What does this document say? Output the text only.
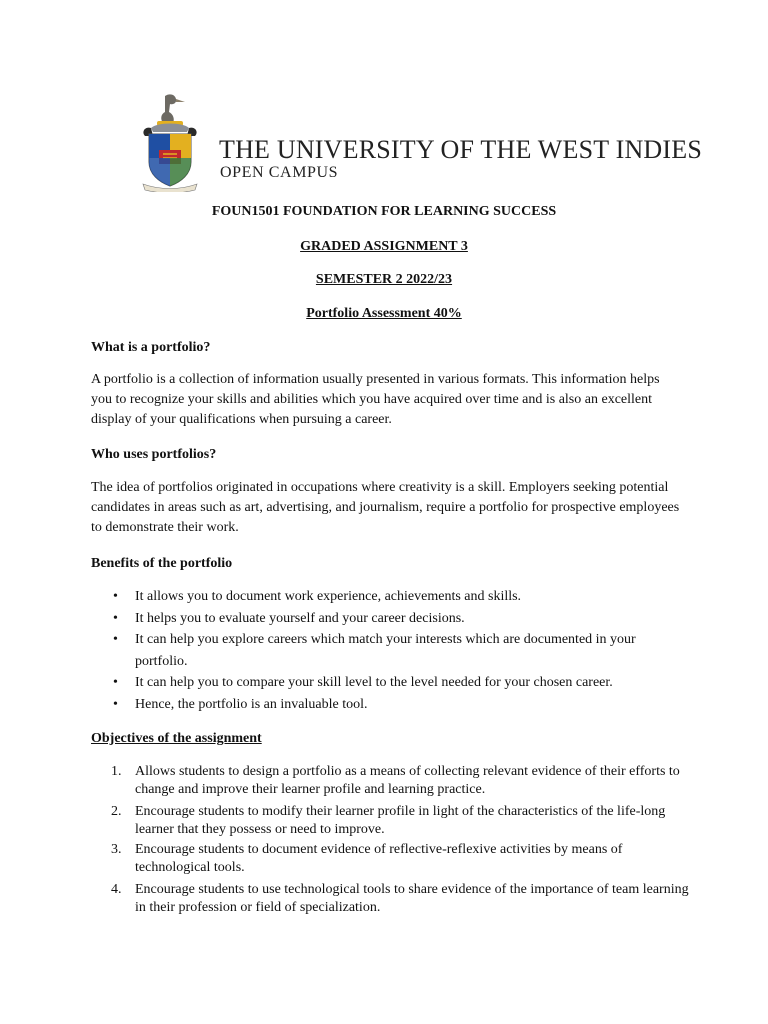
THE UNIVERSITY OF THE WEST INDIES
OPEN CAMPUS
FOUN1501 FOUNDATION FOR LEARNING SUCCESS
GRADED ASSIGNMENT 3
SEMESTER 2 2022/23
Portfolio Assessment 40%
What is a portfolio?

A portfolio is a collection of information usually presented in various formats. This information helps you to recognize your skills and abilities which you have acquired over time and is also an excellent display of your qualifications when pursuing a career.

Who uses portfolios?

The idea of portfolios originated in occupations where creativity is a skill. Employers seeking potential candidates in areas such as art, advertising, and journalism, require a portfolio for prospective employees to demonstrate their work.

Benefits of the portfolio
• It allows you to document work experience, achievements and skills.
• It helps you to evaluate yourself and your career decisions.
• It can help you explore careers which match your interests which are documented in your portfolio.
• It can help you to compare your skill level to the level needed for your chosen career.
• Hence, the portfolio is an invaluable tool.
Objectives of the assignment
1. Allows students to design a portfolio as a means of collecting relevant evidence of their efforts to change and improve their learner profile and learning practice.
2. Encourage students to modify their learner profile in light of the characteristics of the life-long learner that they possess or need to improve.
3. Encourage students to document evidence of reflective-reflexive activities by means of technological tools.
4. Encourage students to use technological tools to share evidence of the importance of team learning in their profession or field of specialization.
